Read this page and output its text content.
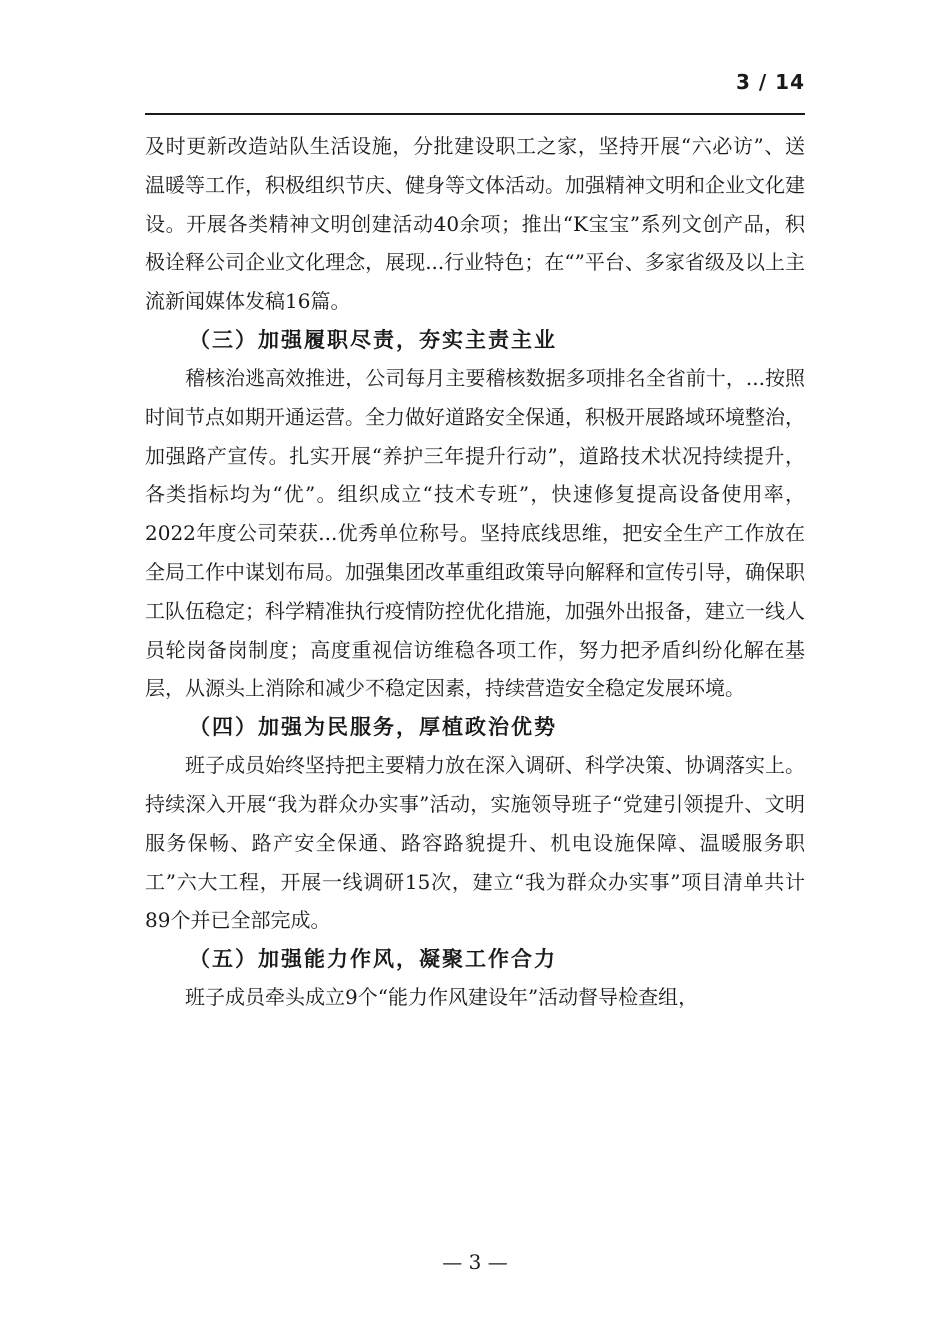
3 / 14

及时更新改造站队生活设施，分批建设职工之家，坚持开展“六必访”、送温暖等工作，积极组织节庆、健身等文体活动。加强精神文明和企业文化建设。开展各类精神文明创建活动40余项；推出“K宝宝”系列文创产品，积极诠释公司企业文化理念，展现...行业特色；在“”平台、多家省级及以上主流新闻媒体发稿16篇。

（三）加强履职尽责，夯实主责主业

稽核治逃高效推进，公司每月主要稽核数据多项排名全省前十，...按照时间节点如期开通运营。全力做好道路安全保通，积极开展路域环境整治，加强路产宣传。扎实开展“养护三年提升行动”，道路技术状况持续提升，各类指标均为“优”。组织成立“技术专班”，快速修复提高设备使用率，2022年度公司荣获...优秀单位称号。坚持底线思维，把安全生产工作放在全局工作中谋划布局。加强集团改革重组政策导向解释和宣传引导，确保职工队伍稳定；科学精准执行疫情防控优化措施，加强外出报备，建立一线人员轮岗备岗制度；高度重视信访维稳各项工作，努力把矛盾纠纷化解在基层，从源头上消除和减少不稳定因素，持续营造安全稳定发展环境。

（四）加强为民服务，厚植政治优势

班子成员始终坚持把主要精力放在深入调研、科学决策、协调落实上。持续深入开展“我为群众办实事”活动，实施领导班子“党建引领提升、文明服务保畅、路产安全保通、路容路貌提升、机电设施保障、温暖服务职工”六大工程，开展一线调研15次，建立“我为群众办实事”项目清单共计89个并已全部完成。

（五）加强能力作风，凝聚工作合力

班子成员牵头成立9个“能力作风建设年”活动督导检查组，

— 3 —
